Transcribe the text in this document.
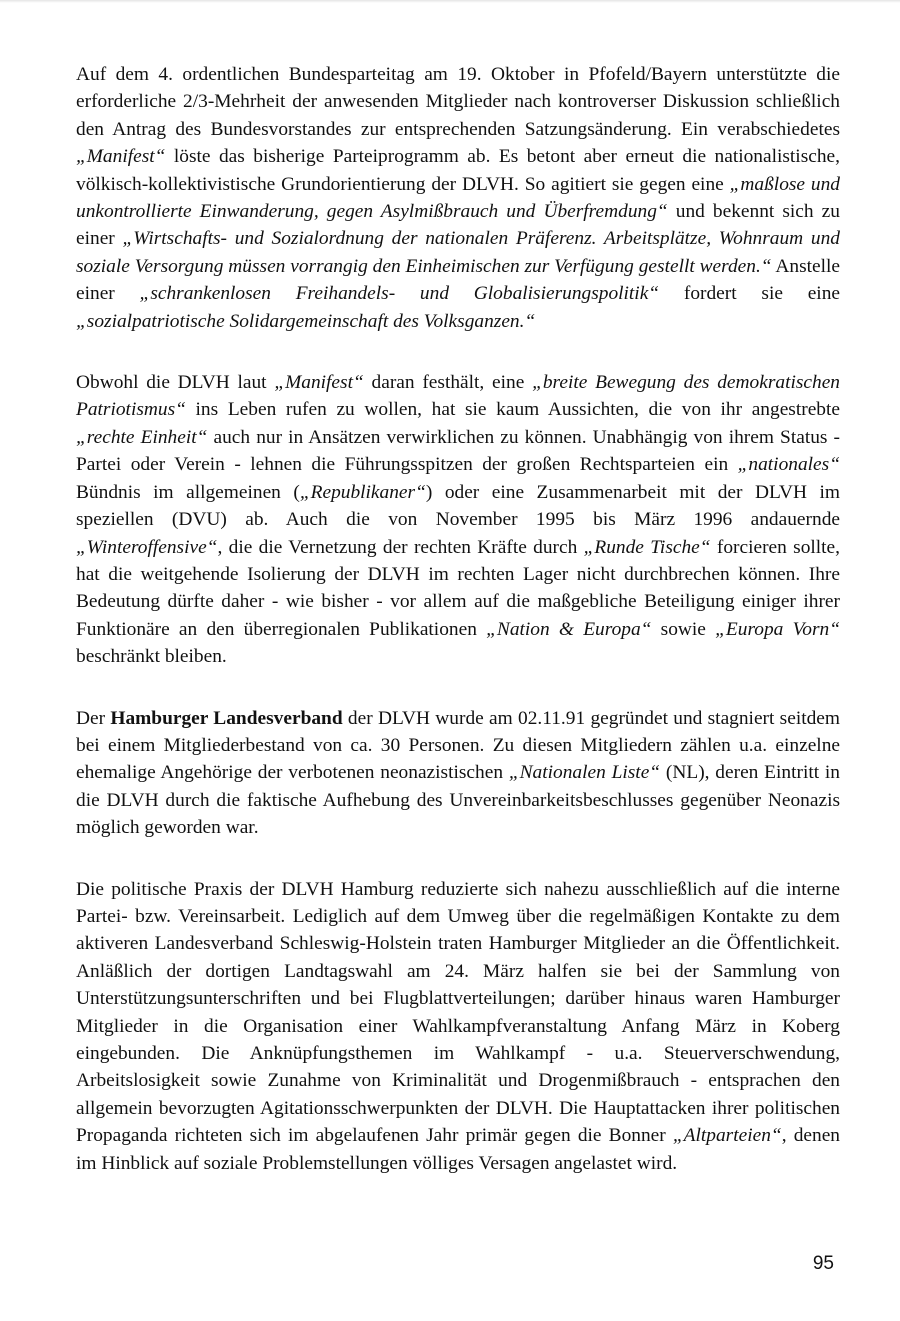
Auf dem 4. ordentlichen Bundesparteitag am 19. Oktober in Pfofeld/Bayern unterstützte die erforderliche 2/3-Mehrheit der anwesenden Mitglieder nach kontroverser Diskussion schließlich den Antrag des Bundesvorstandes zur entsprechenden Satzungsänderung. Ein verabschiedetes „Manifest“ löste das bisherige Parteiprogramm ab. Es betont aber erneut die nationalistische, völkisch-kollektivistische Grundorientierung der DLVH. So agitiert sie gegen eine „maßlose und unkontrollierte Einwanderung, gegen Asylmißbrauch und Überfremdung“ und bekennt sich zu einer „Wirtschafts- und Sozialordnung der nationalen Präferenz. Arbeitsplätze, Wohnraum und soziale Versorgung müssen vorrangig den Einheimischen zur Verfügung gestellt werden.“ Anstelle einer „schrankenlosen Freihandels- und Globalisierungspolitik“ fordert sie eine „sozialpatriotische Solidargemeinschaft des Volksganzen.“

Obwohl die DLVH laut „Manifest“ daran festhält, eine „breite Bewegung des demokratischen Patriotismus“ ins Leben rufen zu wollen, hat sie kaum Aussichten, die von ihr angestrebte „rechte Einheit“ auch nur in Ansätzen verwirklichen zu können. Unabhängig von ihrem Status - Partei oder Verein - lehnen die Führungsspitzen der großen Rechtsparteien ein „nationales“ Bündnis im allgemeinen („Republikaner“) oder eine Zusammenarbeit mit der DLVH im speziellen (DVU) ab. Auch die von November 1995 bis März 1996 andauernde „Winteroffensive“, die die Vernetzung der rechten Kräfte durch „Runde Tische“ forcieren sollte, hat die weitgehende Isolierung der DLVH im rechten Lager nicht durchbrechen können. Ihre Bedeutung dürfte daher - wie bisher - vor allem auf die maßgebliche Beteiligung einiger ihrer Funktionäre an den überregionalen Publikationen „Nation & Europa“ sowie „Europa Vorn“ beschränkt bleiben.

Der Hamburger Landesverband der DLVH wurde am 02.11.91 gegründet und stagniert seitdem bei einem Mitgliederbestand von ca. 30 Personen. Zu diesen Mitgliedern zählen u.a. einzelne ehemalige Angehörige der verbotenen neonazistischen „Nationalen Liste“ (NL), deren Eintritt in die DLVH durch die faktische Aufhebung des Unvereinbarkeitsbeschlusses gegenüber Neonazis möglich geworden war.

Die politische Praxis der DLVH Hamburg reduzierte sich nahezu ausschließlich auf die interne Partei- bzw. Vereinsarbeit. Lediglich auf dem Umweg über die regelmäßigen Kontakte zu dem aktiveren Landesverband Schleswig-Holstein traten Hamburger Mitglieder an die Öffentlichkeit. Anläßlich der dortigen Landtagswahl am 24. März halfen sie bei der Sammlung von Unterstützungsunterschriften und bei Flugblattverteilungen; darüber hinaus waren Hamburger Mitglieder in die Organisation einer Wahlkampfveranstaltung Anfang März in Koberg eingebunden. Die Anknüpfungsthemen im Wahlkampf - u.a. Steuerverschwendung, Arbeitslosigkeit sowie Zunahme von Kriminalität und Drogenmißbrauch - entsprachen den allgemein bevorzugten Agitationsschwerpunkten der DLVH. Die Hauptattacken ihrer politischen Propaganda richteten sich im abgelaufenen Jahr primär gegen die Bonner „Altparteien“, denen im Hinblick auf soziale Problemstellungen völliges Versagen angelastet wird.

95
